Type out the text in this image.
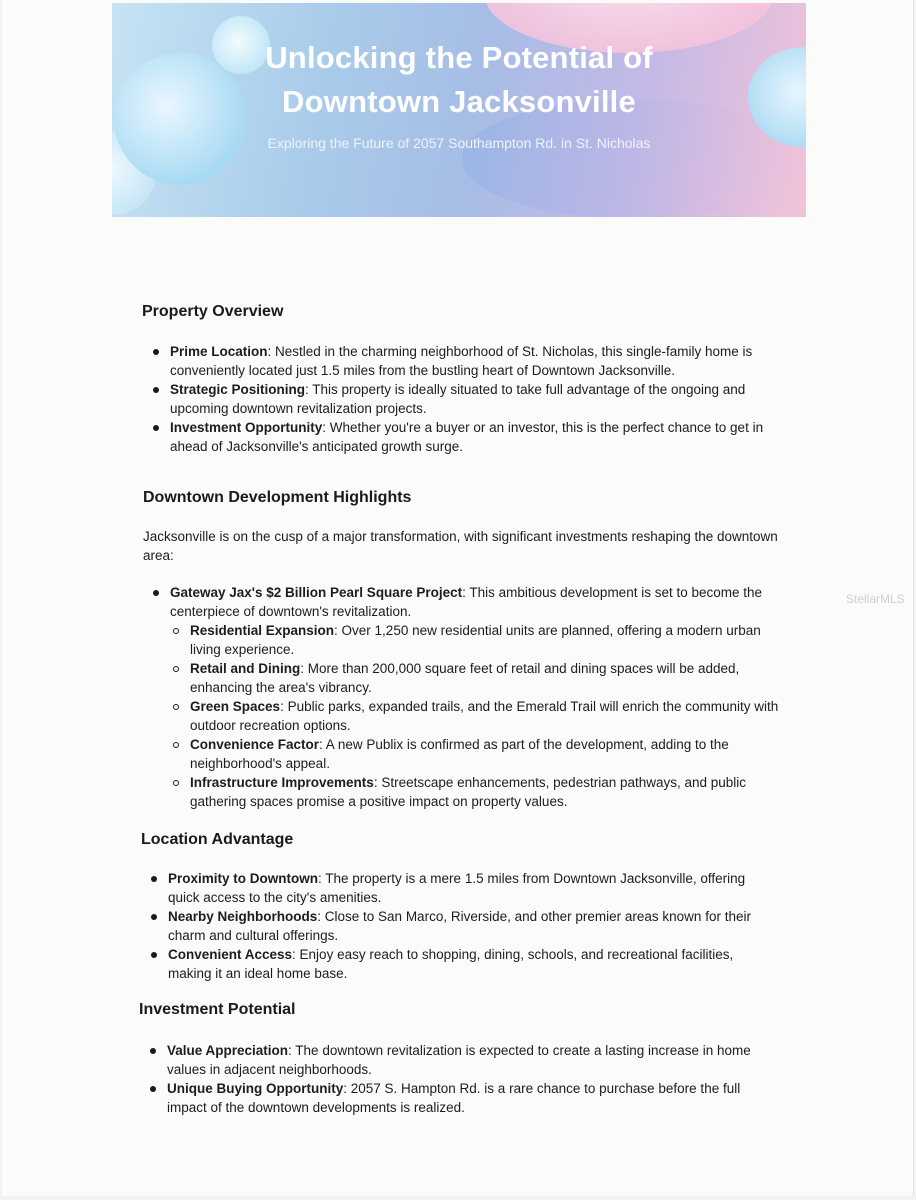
Unlocking the Potential of
Downtown Jacksonville
Exploring the Future of 2057 Southampton Rd. in St. Nicholas
Property Overview
Prime Location: Nestled in the charming neighborhood of St. Nicholas, this single-family home is conveniently located just 1.5 miles from the bustling heart of Downtown Jacksonville.
Strategic Positioning: This property is ideally situated to take full advantage of the ongoing and upcoming downtown revitalization projects.
Investment Opportunity: Whether you're a buyer or an investor, this is the perfect chance to get in ahead of Jacksonville's anticipated growth surge.
Downtown Development Highlights

Jacksonville is on the cusp of a major transformation, with significant investments reshaping the downtown area:

Gateway Jax's $2 Billion Pearl Square Project: This ambitious development is set to become the centerpiece of downtown's revitalization.
Residential Expansion: Over 1,250 new residential units are planned, offering a modern urban living experience.
Retail and Dining: More than 200,000 square feet of retail and dining spaces will be added, enhancing the area's vibrancy.
Green Spaces: Public parks, expanded trails, and the Emerald Trail will enrich the community with outdoor recreation options.
Convenience Factor: A new Publix is confirmed as part of the development, adding to the neighborhood's appeal.
Infrastructure Improvements: Streetscape enhancements, pedestrian pathways, and public gathering spaces promise a positive impact on property values.
Location Advantage
Proximity to Downtown: The property is a mere 1.5 miles from Downtown Jacksonville, offering quick access to the city's amenities.
Nearby Neighborhoods: Close to San Marco, Riverside, and other premier areas known for their charm and cultural offerings.
Convenient Access: Enjoy easy reach to shopping, dining, schools, and recreational facilities, making it an ideal home base.
Investment Potential
Value Appreciation: The downtown revitalization is expected to create a lasting increase in home values in adjacent neighborhoods.
Unique Buying Opportunity: 2057 S. Hampton Rd. is a rare chance to purchase before the full impact of the downtown developments is realized.
StellarMLS
